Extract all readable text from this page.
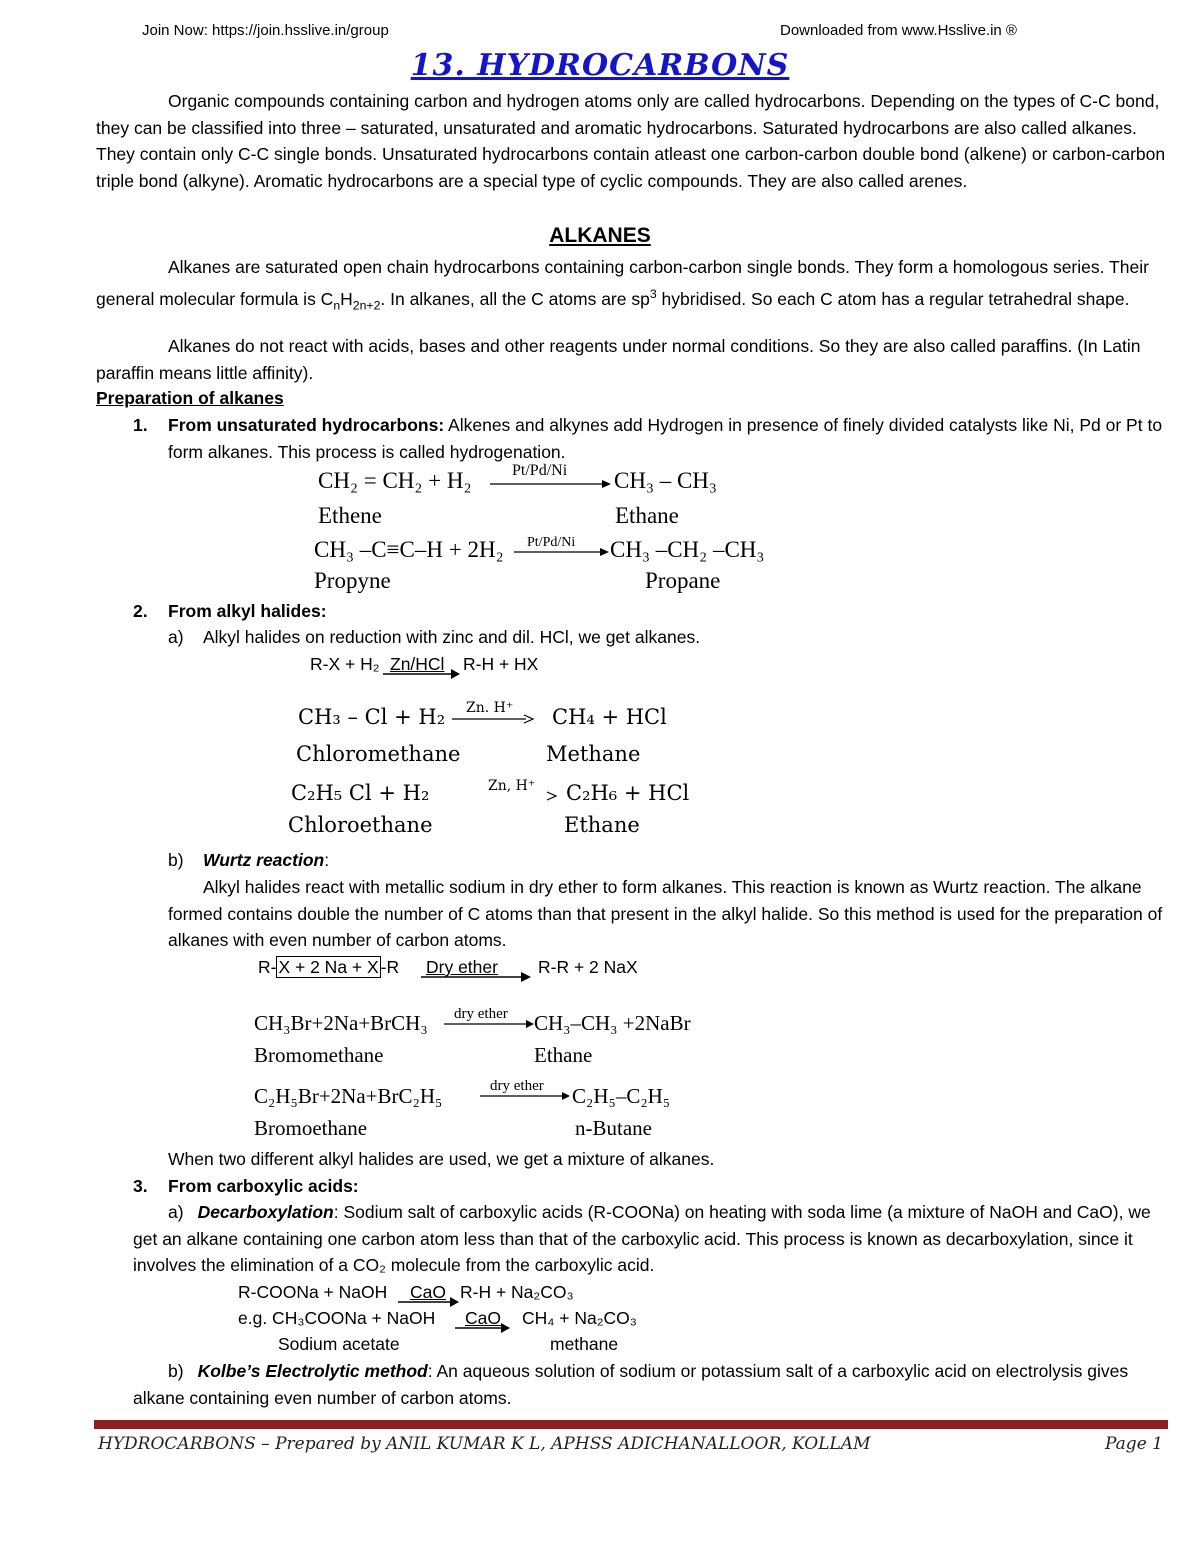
Join Now: https://join.hsslive.in/group	Downloaded from www.Hsslive.in ®
13. HYDROCARBONS
Organic compounds containing carbon and hydrogen atoms only are called hydrocarbons. Depending on the types of C-C bond, they can be classified into three – saturated, unsaturated and aromatic hydrocarbons. Saturated hydrocarbons are also called alkanes. They contain only C-C single bonds. Unsaturated hydrocarbons contain atleast one carbon-carbon double bond (alkene) or carbon-carbon triple bond (alkyne). Aromatic hydrocarbons are a special type of cyclic compounds. They are also called arenes.
ALKANES
Alkanes are saturated open chain hydrocarbons containing carbon-carbon single bonds. They form a homologous series. Their general molecular formula is $C_nH_{2n+2}$. In alkanes, all the C atoms are $sp^3$ hybridised. So each C atom has a regular tetrahedral shape.
Alkanes do not react with acids, bases and other reagents under normal conditions. So they are also called paraffins. (In Latin paraffin means little affinity).
Preparation of alkanes
1.	From unsaturated hydrocarbons: Alkenes and alkynes add Hydrogen in presence of finely divided catalysts like Ni, Pd or Pt to form alkanes. This process is called hydrogenation.
CH₂ = CH₂ + H₂	Pt/Pd/Ni CH₃ – CH₃
Ethene	Ethane
CH₃ –C≡C–H + 2H₂ Pt/Pd/Ni CH₃ –CH₂ –CH₃
Propyne	Propane
2.	From alkyl halides:
a) Alkyl halides on reduction with zinc and dil. HCl, we get alkanes.
R-X + H₂ Zn/HCl R-H + HX
CH₃ – Cl + H₂ Zn. H⁺ CH₄ + HCl
Chloromethane	Methane
C₂H₅ Cl + H₂	Zn, H⁺ C₂H₆ + HCl
Chloroethane	Ethane
b) Wurtz reaction:
Alkyl halides react with metallic sodium in dry ether to form alkanes. This reaction is known as Wurtz reaction. The alkane formed contains double the number of C atoms than that present in the alkyl halide. So this method is used for the preparation of alkanes with even number of carbon atoms.
R- X + 2 Na + X -R Dry ether R-R + 2 NaX
CH₃Br+2Na+BrCH₃ dry ether CH₃–CH₃ +2NaBr
Bromomethane	Ethane
C₂H₅Br+2Na+BrC₂H₅	dry ether C₂H₅–C₂H₅
Bromoethane	n-Butane
When two different alkyl halides are used, we get a mixture of alkanes.
3.	From carboxylic acids:
a) Decarboxylation: Sodium salt of carboxylic acids (R-COONa) on heating with soda lime (a mixture of NaOH and CaO), we get an alkane containing one carbon atom less than that of the carboxylic acid. This process is known as decarboxylation, since it involves the elimination of a CO₂ molecule from the carboxylic acid.
R-COONa + NaOH CaO R-H + Na₂CO₃
e.g. CH₃COONa + NaOH CaO CH₄ + Na₂CO₃
Sodium acetate	methane
b) Kolbe’s Electrolytic method: An aqueous solution of sodium or potassium salt of a carboxylic acid on electrolysis gives alkane containing even number of carbon atoms.
HYDROCARBONS – Prepared by ANIL KUMAR K L, APHSS ADICHANALLOOR, KOLLAM	Page 1
